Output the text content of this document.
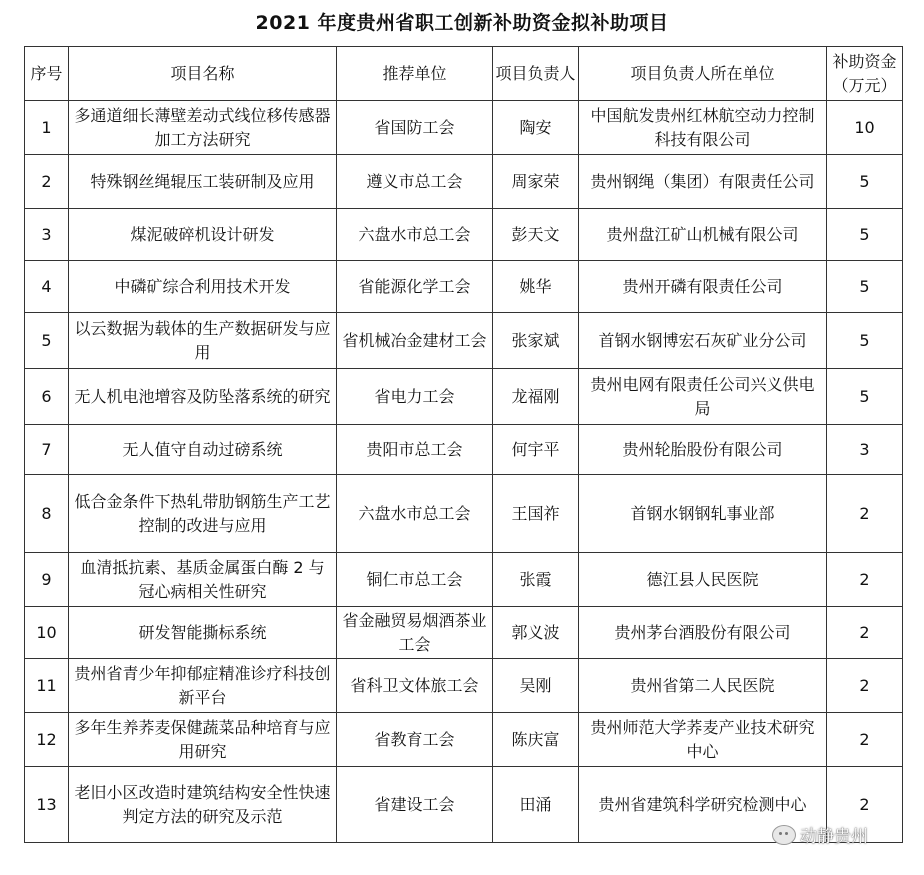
2021 年度贵州省职工创新补助资金拟补助项目
序号	项目名称	推荐单位	项目负责人	项目负责人所在单位	补助资金（万元）
1	多通道细长薄壁差动式线位移传感器加工方法研究	省国防工会	陶安	中国航发贵州红林航空动力控制科技有限公司	10
2	特殊钢丝绳辊压工装研制及应用	遵义市总工会	周家荣	贵州钢绳（集团）有限责任公司	5
3	煤泥破碎机设计研发	六盘水市总工会	彭天文	贵州盘江矿山机械有限公司	5
4	中磷矿综合利用技术开发	省能源化学工会	姚华	贵州开磷有限责任公司	5
5	以云数据为载体的生产数据研发与应用	省机械冶金建材工会	张家斌	首钢水钢博宏石灰矿业分公司	5
6	无人机电池增容及防坠落系统的研究	省电力工会	龙福刚	贵州电网有限责任公司兴义供电局	5
7	无人值守自动过磅系统	贵阳市总工会	何宇平	贵州轮胎股份有限公司	3
8	低合金条件下热轧带肋钢筋生产工艺控制的改进与应用	六盘水市总工会	王国祚	首钢水钢钢轧事业部	2
9	血清抵抗素、基质金属蛋白酶 2 与冠心病相关性研究	铜仁市总工会	张霞	德江县人民医院	2
10	研发智能撕标系统	省金融贸易烟酒茶业工会	郭义波	贵州茅台酒股份有限公司	2
11	贵州省青少年抑郁症精准诊疗科技创新平台	省科卫文体旅工会	吴刚	贵州省第二人民医院	2
12	多年生养荞麦保健蔬菜品种培育与应用研究	省教育工会	陈庆富	贵州师范大学荞麦产业技术研究中心	2
13	老旧小区改造时建筑结构安全性快速判定方法的研究及示范	省建设工会	田涌	贵州省建筑科学研究检测中心	2
动静贵州
